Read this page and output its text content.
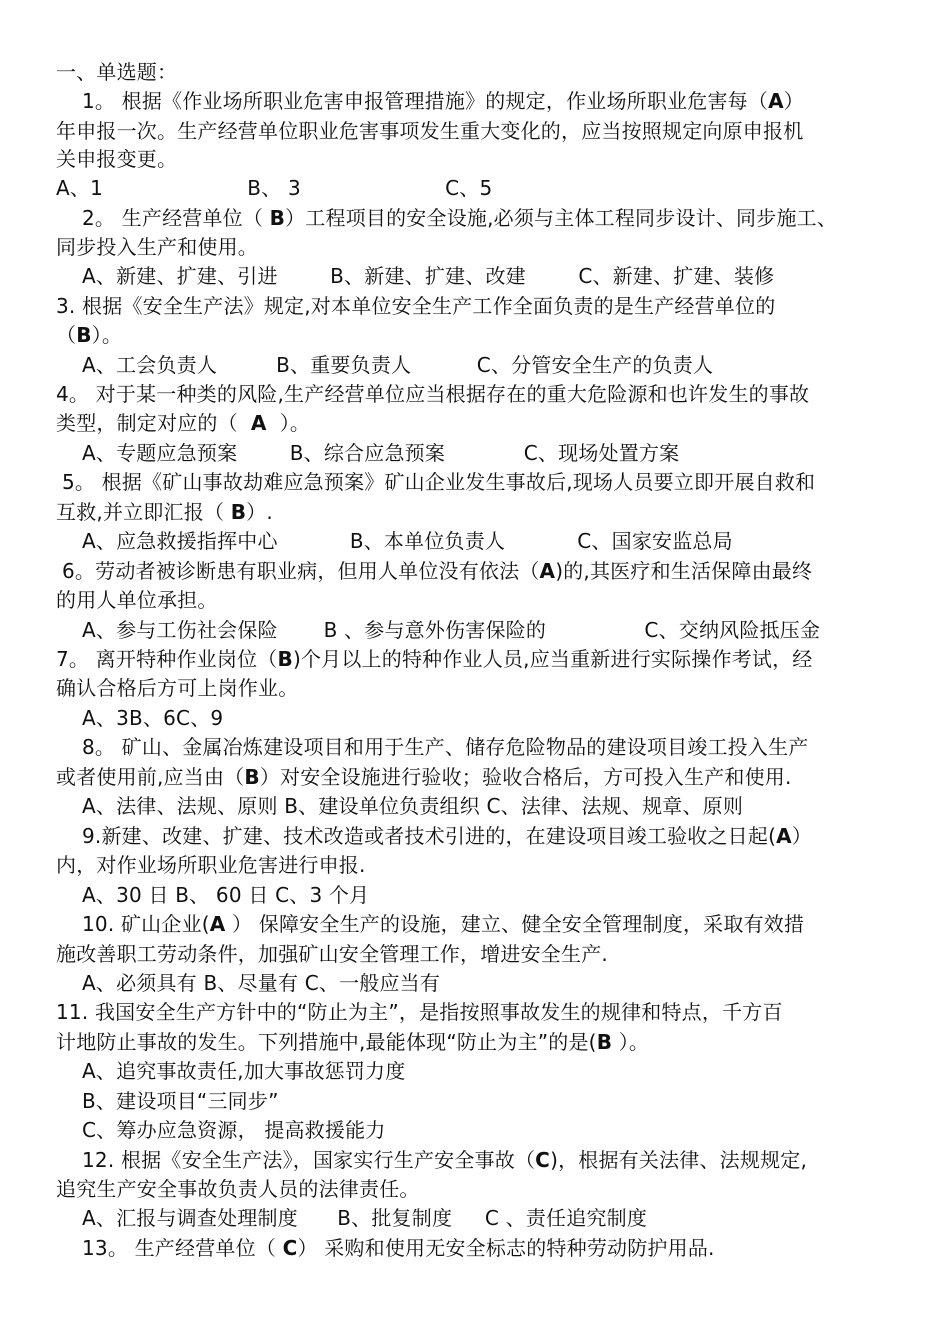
一、单选题：
1。 根据《作业场所职业危害申报管理措施》的规定，作业场所职业危害每（A）
年申报一次。生产经营单位职业危害事项发生重大变化的，应当按照规定向原申报机
关申报变更。
A、1                      B、 3                      C、5
2。 生产经营单位（ B）工程项目的安全设施,必须与主体工程同步设计、同步施工、
同步投入生产和使用。
A、新建、扩建、引进        B、新建、扩建、改建        C、新建、扩建、装修
3. 根据《安全生产法》规定,对本单位安全生产工作全面负责的是生产经营单位的
（B）。
A、工会负责人         B、重要负责人          C、分管安全生产的负责人
4。 对于某一种类的风险,生产经营单位应当根据存在的重大危险源和也许发生的事故
类型，制定对应的（  A  ）。
A、专题应急预案        B、综合应急预案            C、现场处置方案
5。 根据《矿山事故劫难应急预案》矿山企业发生事故后,现场人员要立即开展自救和
互救,并立即汇报（ B）.
A、应急救援指挥中心           B、本单位负责人           C、国家安监总局
6。劳动者被诊断患有职业病，但用人单位没有依法（A)的,其医疗和生活保障由最终
的用人单位承担。
A、参与工伤社会保险       B 、参与意外伤害保险的               C、交纳风险抵压金
7。 离开特种作业岗位（B)个月以上的特种作业人员,应当重新进行实际操作考试，经
确认合格后方可上岗作业。
A、3B、6C、9
8。 矿山、金属冶炼建设项目和用于生产、储存危险物品的建设项目竣工投入生产
或者使用前,应当由（B）对安全设施进行验收；验收合格后，方可投入生产和使用.
A、法律、法规、原则 B、建设单位负责组织 C、法律、法规、规章、原则
9.新建、改建、扩建、技术改造或者技术引进的，在建设项目竣工验收之日起(A）
内，对作业场所职业危害进行申报.
A、30 日 B、 60 日 C、3 个月
10. 矿山企业(A ） 保障安全生产的设施，建立、健全安全管理制度，采取有效措
施改善职工劳动条件，加强矿山安全管理工作，增进安全生产.
A、必须具有 B、尽量有 C、一般应当有
11. 我国安全生产方针中的“防止为主”，是指按照事故发生的规律和特点，千方百
计地防止事故的发生。下列措施中,最能体现“防止为主”的是(B ）。
A、追究事故责任,加大事故惩罚力度
B、建设项目“三同步”
C、筹办应急资源， 提高救援能力
12. 根据《安全生产法》，国家实行生产安全事故（C)，根据有关法律、法规规定,
追究生产安全事故负责人员的法律责任。
A、汇报与调查处理制度      B、批复制度     C 、责任追究制度
13。 生产经营单位（ C） 采购和使用无安全标志的特种劳动防护用品.
